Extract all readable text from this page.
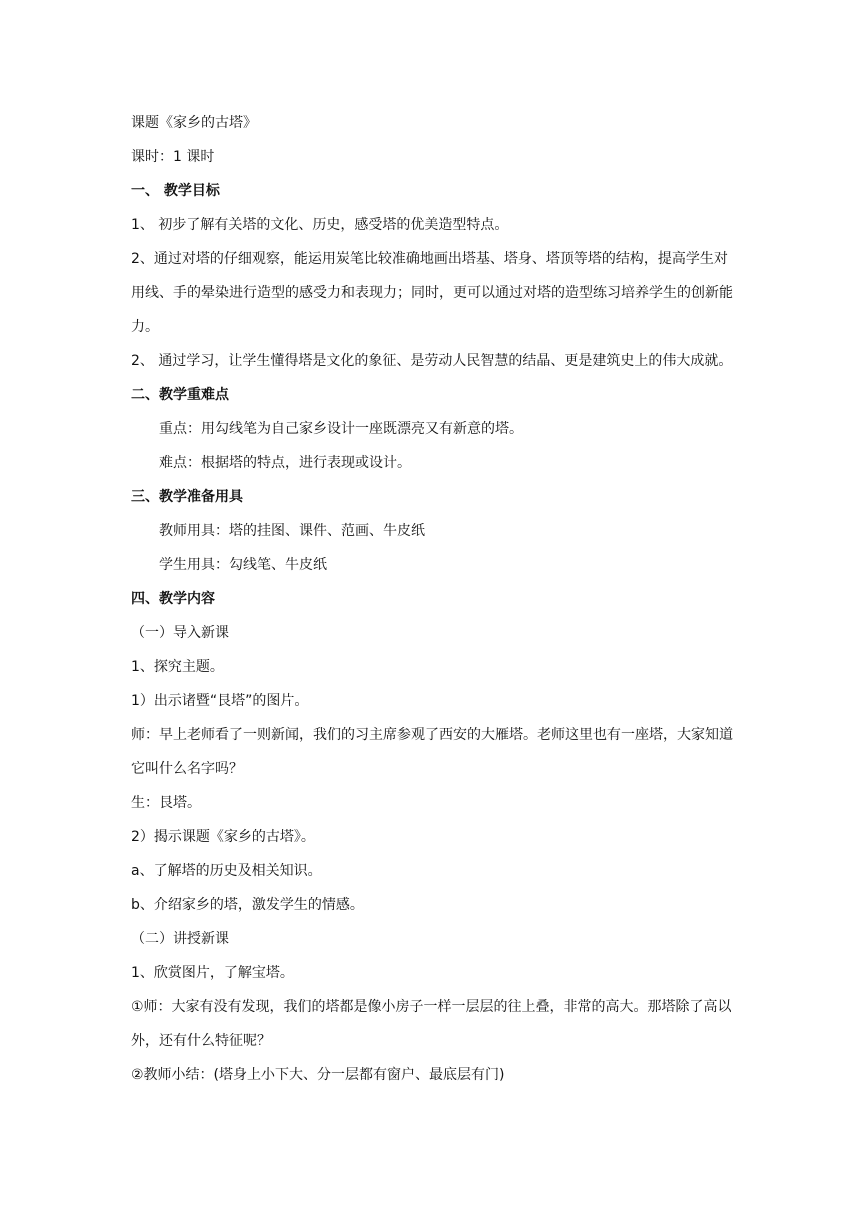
课题《家乡的古塔》
课时：1 课时
一、 教学目标
1、 初步了解有关塔的文化、历史，感受塔的优美造型特点。
2、通过对塔的仔细观察，能运用炭笔比较准确地画出塔基、塔身、塔顶等塔的结构，提高学生对用线、手的晕染进行造型的感受力和表现力；同时，更可以通过对塔的造型练习培养学生的创新能力。
2、 通过学习，让学生懂得塔是文化的象征、是劳动人民智慧的结晶、更是建筑史上的伟大成就。
二、教学重难点
重点：用勾线笔为自己家乡设计一座既漂亮又有新意的塔。
难点：根据塔的特点，进行表现或设计。
三、教学准备用具
教师用具：塔的挂图、课件、范画、牛皮纸
学生用具：勾线笔、牛皮纸
四、教学内容
（一）导入新课
1、探究主题。
1）出示诸暨“艮塔”的图片。
师：早上老师看了一则新闻，我们的习主席参观了西安的大雁塔。老师这里也有一座塔，大家知道它叫什么名字吗？
生：艮塔。
2）揭示课题《家乡的古塔》。
a、了解塔的历史及相关知识。
b、介绍家乡的塔，激发学生的情感。
（二）讲授新课
1、欣赏图片，了解宝塔。
①师：大家有没有发现，我们的塔都是像小房子一样一层层的往上叠，非常的高大。那塔除了高以外，还有什么特征呢？
②教师小结：(塔身上小下大、分一层都有窗户、最底层有门)
